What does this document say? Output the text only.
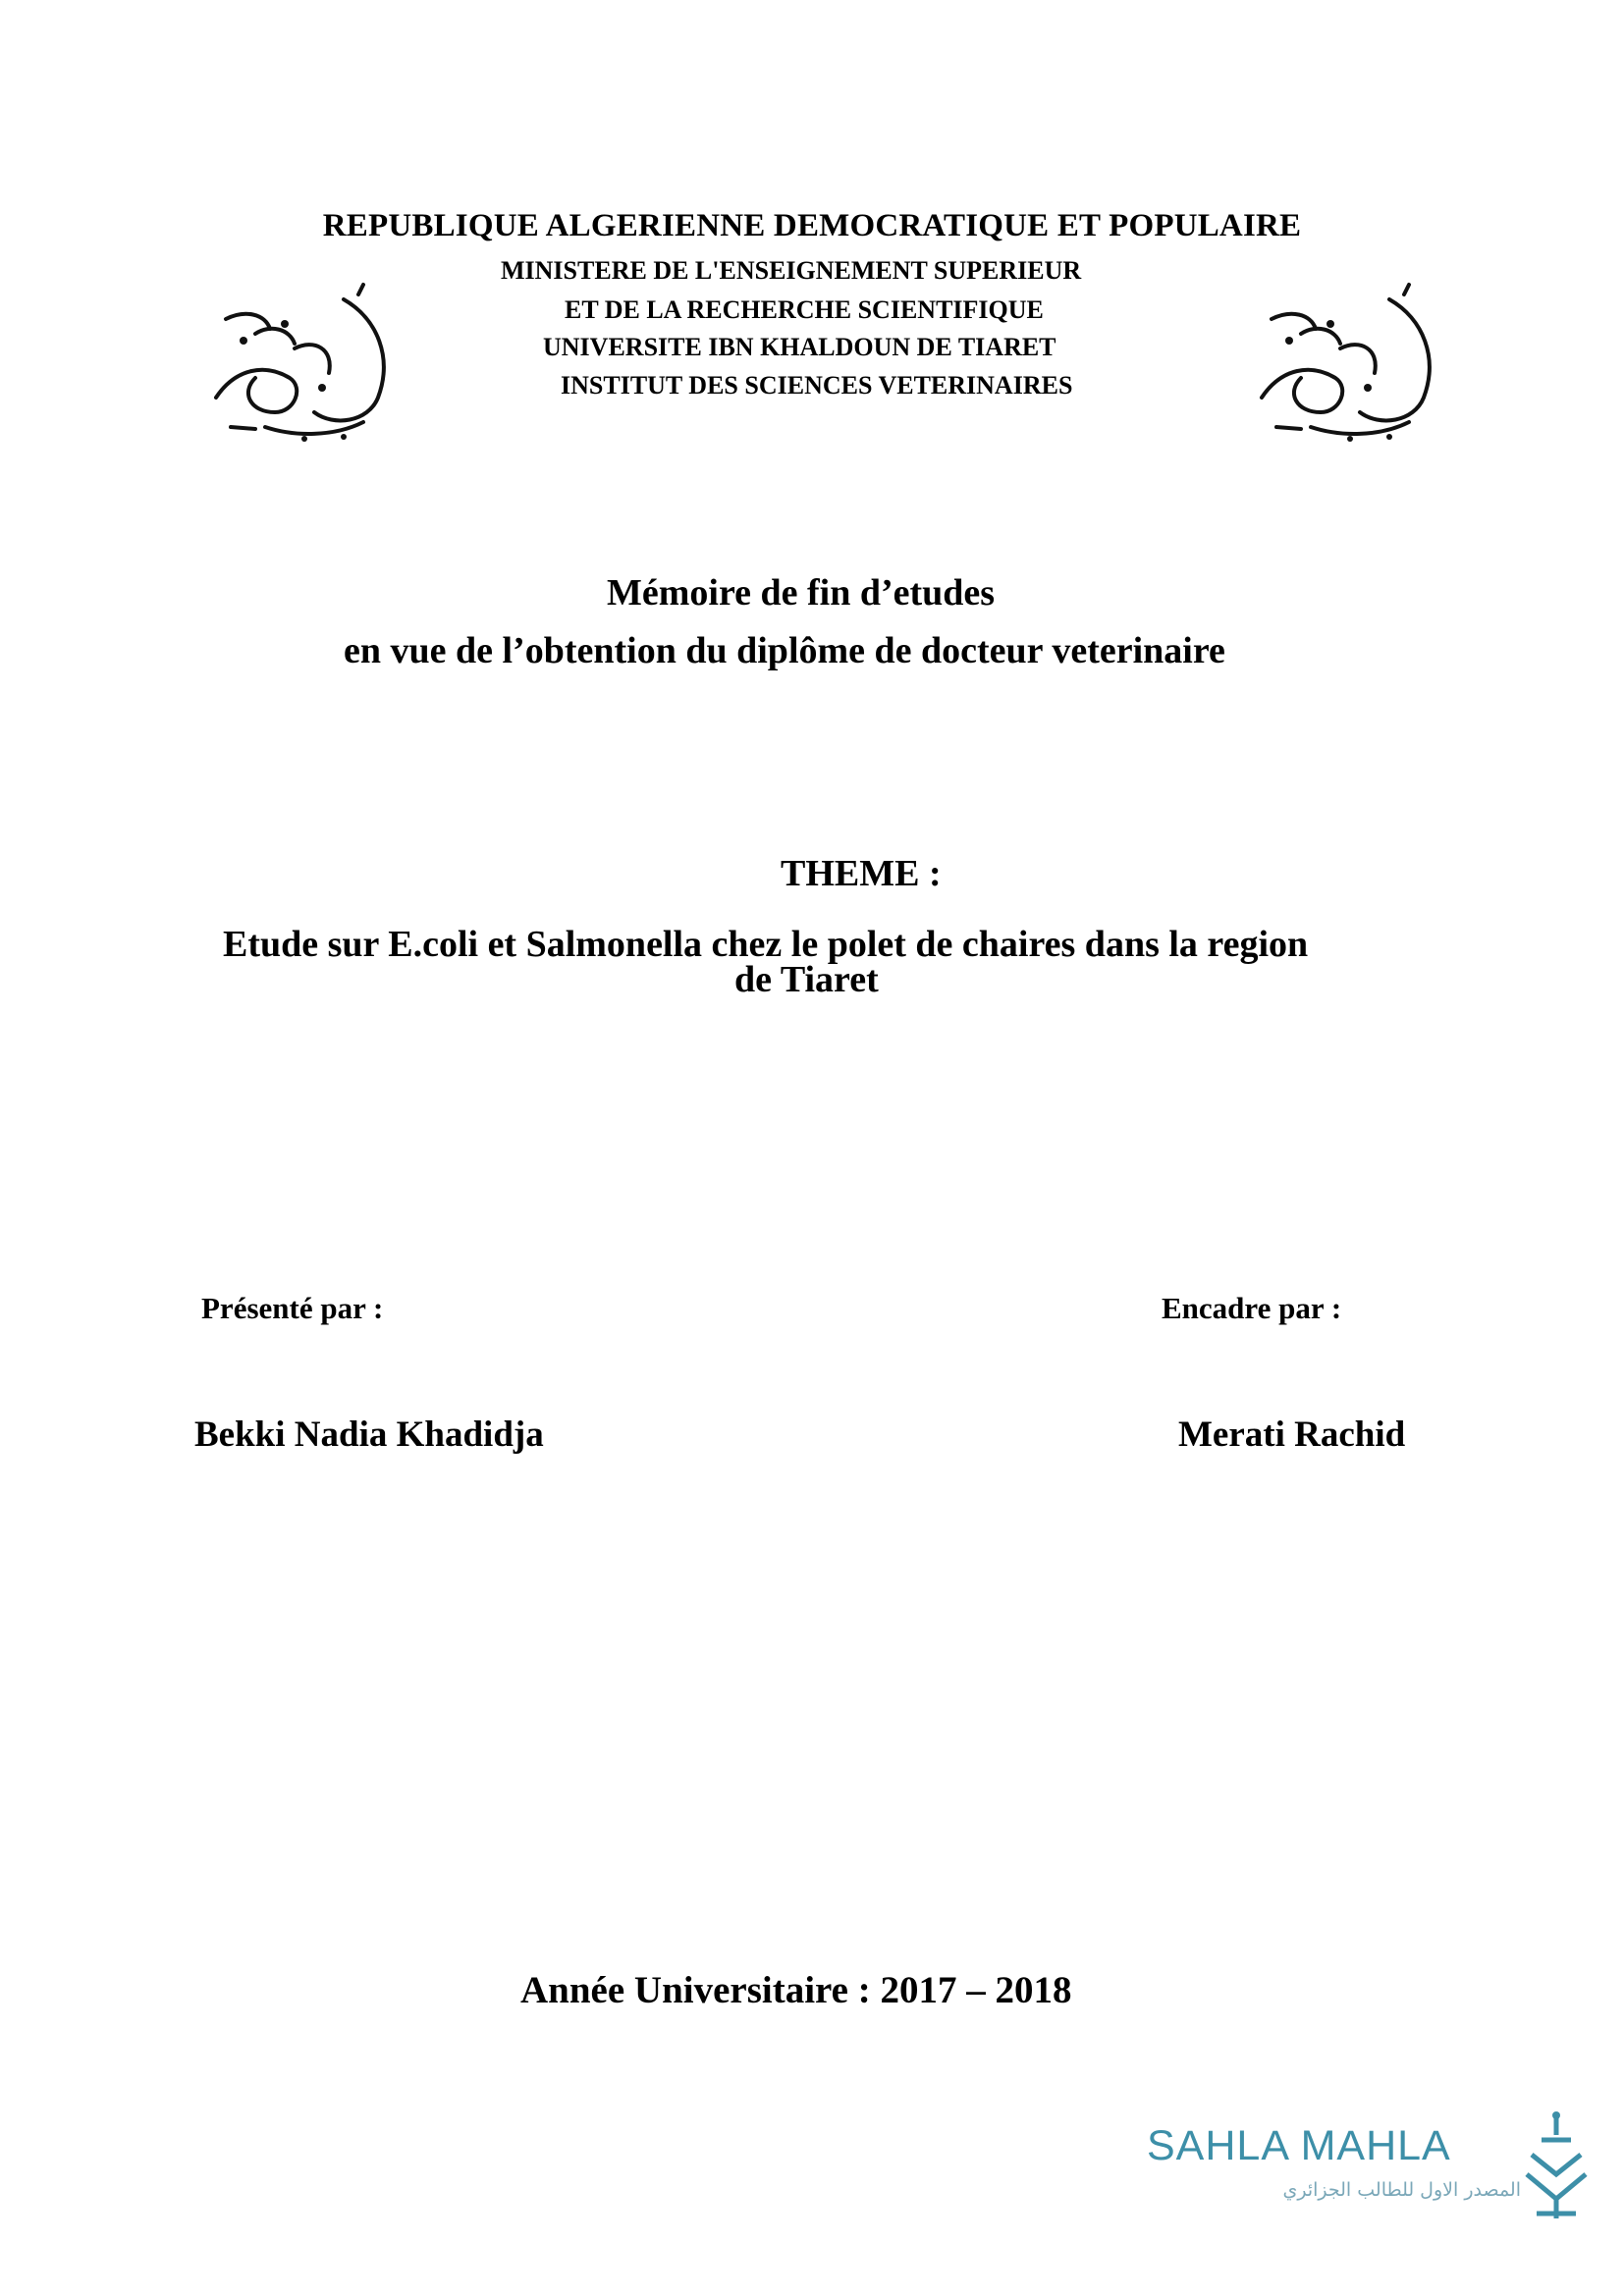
REPUBLIQUE ALGERIENNE DEMOCRATIQUE ET POPULAIRE
MINISTERE DE L'ENSEIGNEMENT SUPERIEUR
ET DE LA RECHERCHE SCIENTIFIQUE
UNIVERSITE IBN KHALDOUN DE TIARET
INSTITUT DES SCIENCES VETERINAIRES
Mémoire de fin d’etudes
en vue de l’obtention du diplôme de docteur veterinaire
THEME :
Etude sur E.coli et Salmonella chez le polet de chaires dans la region
de Tiaret
Présenté par :	Encadre par :
Bekki Nadia Khadidja	Merati Rachid
Année Universitaire : 2017 – 2018
SAHLA MAHLA
المصدر الاول للطالب الجزائري
